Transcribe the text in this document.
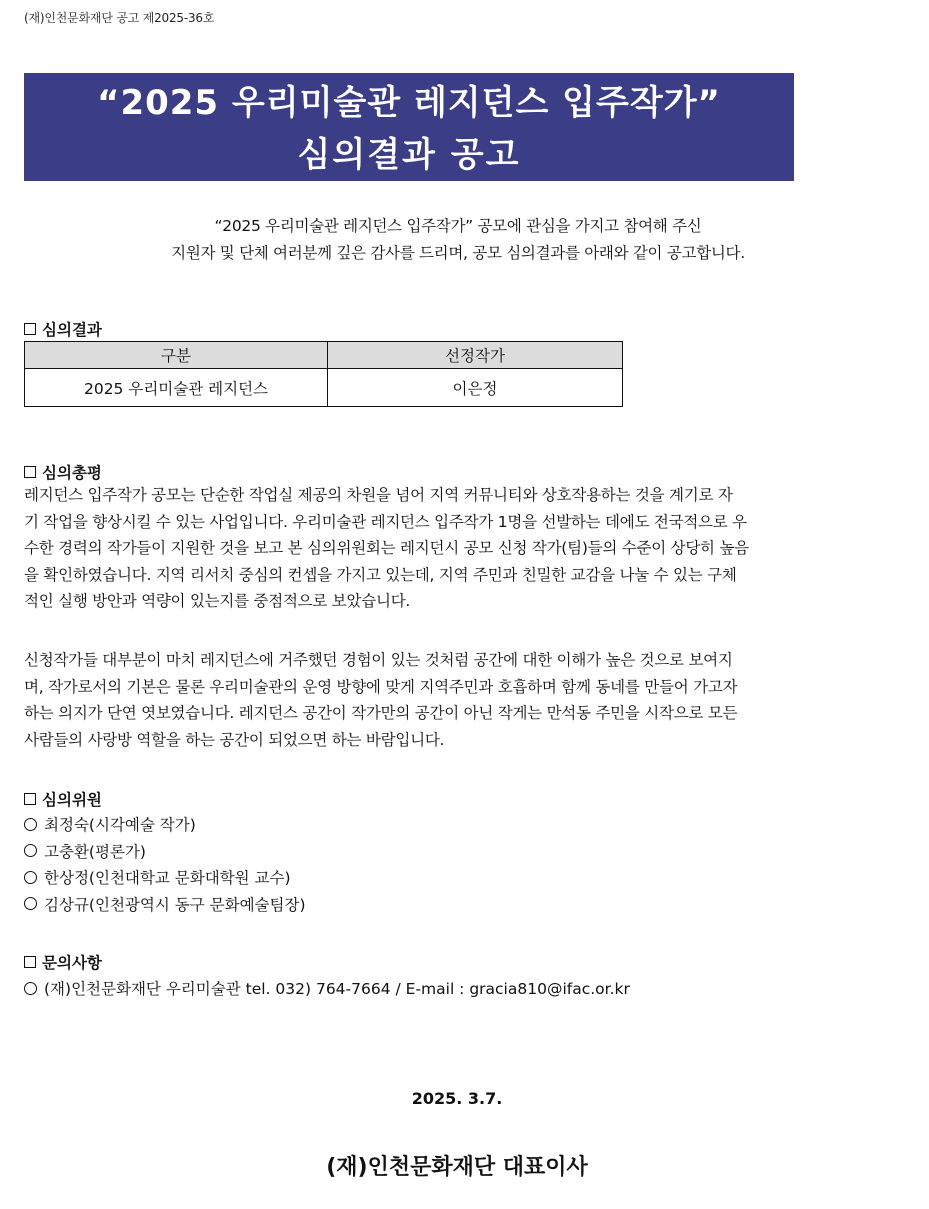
(재)인천문화재단 공고 제2025-36호
“2025 우리미술관 레지던스 입주작가”
심의결과 공고
“2025 우리미술관 레지던스 입주작가” 공모에 관심을 가지고 참여해 주신
지원자 및 단체 여러분께 깊은 감사를 드리며, 공모 심의결과를 아래와 같이 공고합니다.
심의결과
구분	선정작가
2025 우리미술관 레지던스	이은정
심의총평
레지던스 입주작가 공모는 단순한 작업실 제공의 차원을 넘어 지역 커뮤니티와 상호작용하는 것을 계기로 자
기 작업을 향상시킬 수 있는 사업입니다. 우리미술관 레지던스 입주작가 1명을 선발하는 데에도 전국적으로 우
수한 경력의 작가들이 지원한 것을 보고 본 심의위원회는 레지던시 공모 신청 작가(팀)들의 수준이 상당히 높음
을 확인하였습니다. 지역 리서치 중심의 컨셉을 가지고 있는데, 지역 주민과 친밀한 교감을 나눌 수 있는 구체
적인 실행 방안과 역량이 있는지를 중점적으로 보았습니다.
신청작가들 대부분이 마치 레지던스에 거주했던 경험이 있는 것처럼 공간에 대한 이해가 높은 것으로 보여지
며, 작가로서의 기본은 물론 우리미술관의 운영 방향에 맞게 지역주민과 호흡하며 함께 동네를 만들어 가고자
하는 의지가 단연 엿보였습니다. 레지던스 공간이 작가만의 공간이 아닌 작게는 만석동 주민을 시작으로 모든
사람들의 사랑방 역할을 하는 공간이 되었으면 하는 바람입니다.
심의위원
최정숙(시각예술 작가)
고충환(평론가)
한상정(인천대학교 문화대학원 교수)
김상규(인천광역시 동구 문화예술팀장)
문의사항
(재)인천문화재단 우리미술관 tel. 032) 764-7664 / E-mail : gracia810@ifac.or.kr
2025. 3.7.
(재)인천문화재단 대표이사
